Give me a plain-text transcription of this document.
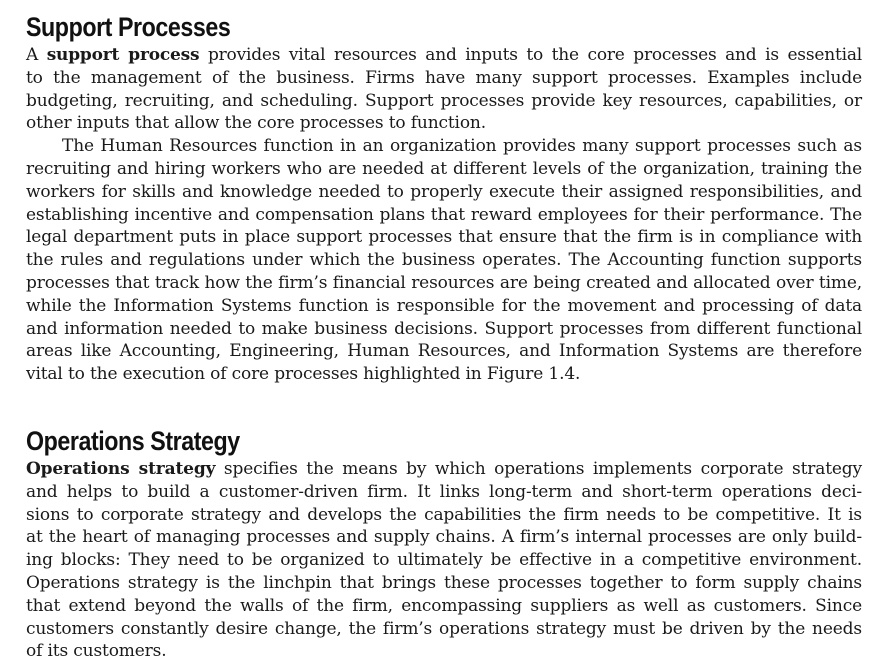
Support Processes
A support process provides vital resources and inputs to the core processes and is essential
to the management of the business. Firms have many support processes. Examples include
budgeting, recruiting, and scheduling. Support processes provide key resources, capabilities, or
other inputs that allow the core processes to function.
The Human Resources function in an organization provides many support processes such as
recruiting and hiring workers who are needed at different levels of the organization, training the
workers for skills and knowledge needed to properly execute their assigned responsibilities, and
establishing incentive and compensation plans that reward employees for their performance. The
legal department puts in place support processes that ensure that the firm is in compliance with
the rules and regulations under which the business operates. The Accounting function supports
processes that track how the firm’s financial resources are being created and allocated over time,
while the Information Systems function is responsible for the movement and processing of data
and information needed to make business decisions. Support processes from different functional
areas like Accounting, Engineering, Human Resources, and Information Systems are therefore
vital to the execution of core processes highlighted in Figure 1.4.
Operations Strategy
Operations strategy specifies the means by which operations implements corporate strategy
and helps to build a customer-driven firm. It links long-term and short-term operations deci-
sions to corporate strategy and develops the capabilities the firm needs to be competitive. It is
at the heart of managing processes and supply chains. A firm’s internal processes are only build-
ing blocks: They need to be organized to ultimately be effective in a competitive environment.
Operations strategy is the linchpin that brings these processes together to form supply chains
that extend beyond the walls of the firm, encompassing suppliers as well as customers. Since
customers constantly desire change, the firm’s operations strategy must be driven by the needs
of its customers.
